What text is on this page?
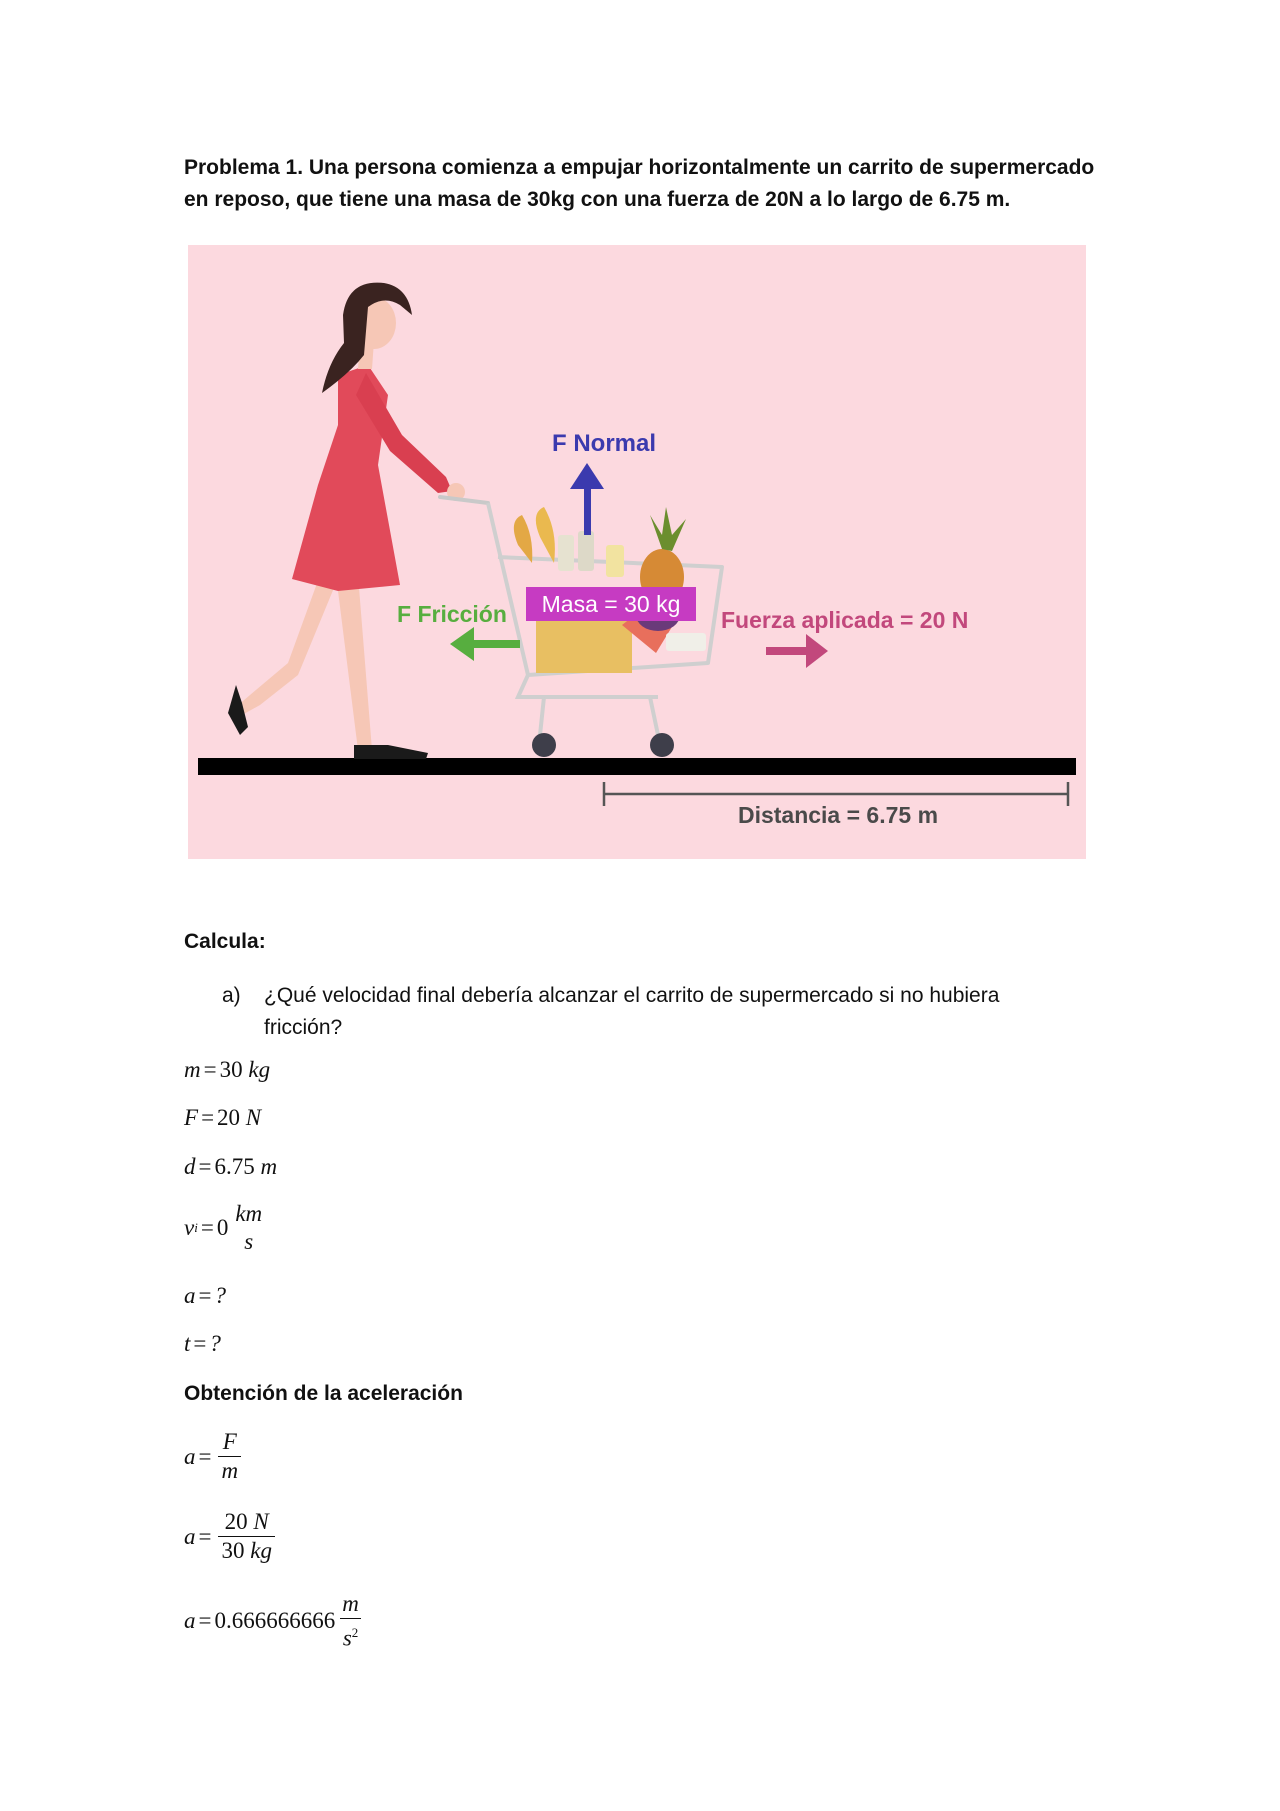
Problema 1. Una persona comienza a empujar horizontalmente un carrito de supermercado en reposo, que tiene una masa de 30kg con una fuerza de 20N a lo largo de 6.75 m.

F Normal
F Fricción Masa = 30 kg
Fuerza aplicada = 20 N
Distancia = 6.75 m

Calcula:

a) ¿Qué velocidad final debería alcanzar el carrito de supermercado si no hubiera fricción?
m = 30
kg
F = 20
N
d = 6.75
m
v i = 0
km
s
a = ?
t = ?

Obtención de la aceleración

$a = \frac{F}{m}$
$a = \frac{20 N}{30 kg}$
$a = 0.666666666 \frac{m}{s^2}$
